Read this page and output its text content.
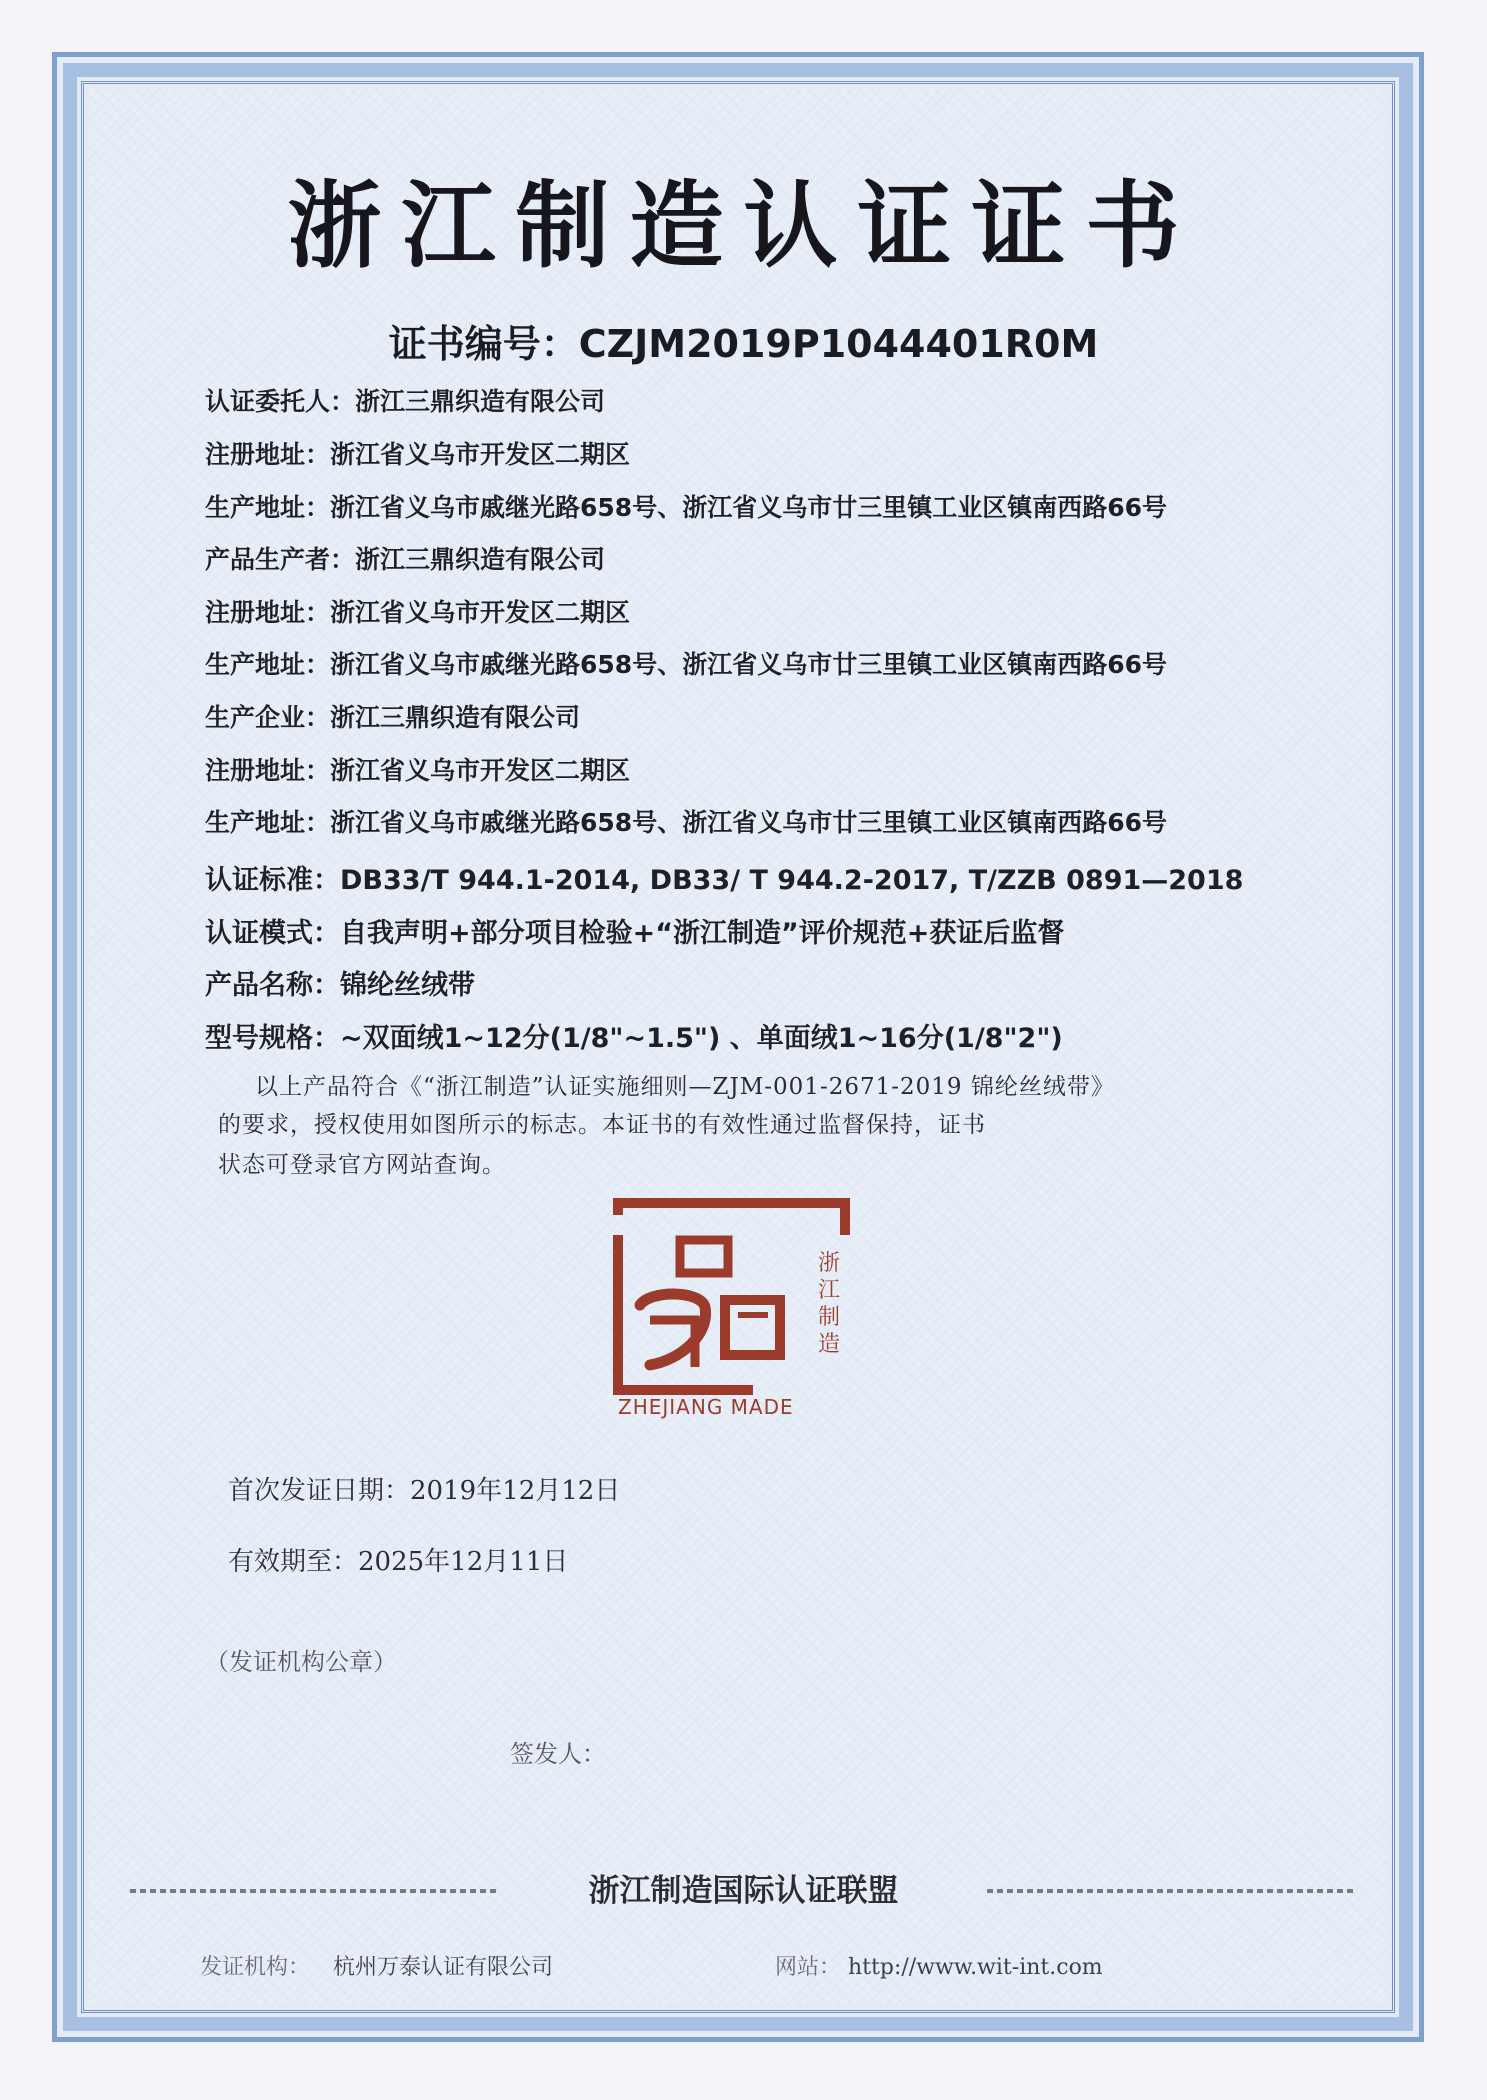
浙江制造认证证书
证书编号：CZJM2019P1044401R0M
认证委托人：浙江三鼎织造有限公司
注册地址：浙江省义乌市开发区二期区
生产地址：浙江省义乌市戚继光路658号、浙江省义乌市廿三里镇工业区镇南西路66号
产品生产者：浙江三鼎织造有限公司
注册地址：浙江省义乌市开发区二期区
生产地址：浙江省义乌市戚继光路658号、浙江省义乌市廿三里镇工业区镇南西路66号
生产企业：浙江三鼎织造有限公司
注册地址：浙江省义乌市开发区二期区
生产地址：浙江省义乌市戚继光路658号、浙江省义乌市廿三里镇工业区镇南西路66号
认证标准：DB33/T 944.1-2014, DB33/ T 944.2-2017, T/ZZB 0891—2018
认证模式：自我声明+部分项目检验+“浙江制造”评价规范+获证后监督
产品名称：锦纶丝绒带
型号规格：~双面绒1~12分(1/8"~1.5") 、单面绒1~16分(1/8"2")
以上产品符合《“浙江制造”认证实施细则—ZJM-001-2671-2019 锦纶丝绒带》
的要求，授权使用如图所示的标志。本证书的有效性通过监督保持，证书
状态可登录官方网站查询。
浙江制造
ZHEJIANG MADE
首次发证日期：2019年12月12日
有效期至：2025年12月11日
（发证机构公章）
签发人：
浙江制造国际认证联盟
发证机构： 杭州万泰认证有限公司	网站： http://www.wit-int.com
